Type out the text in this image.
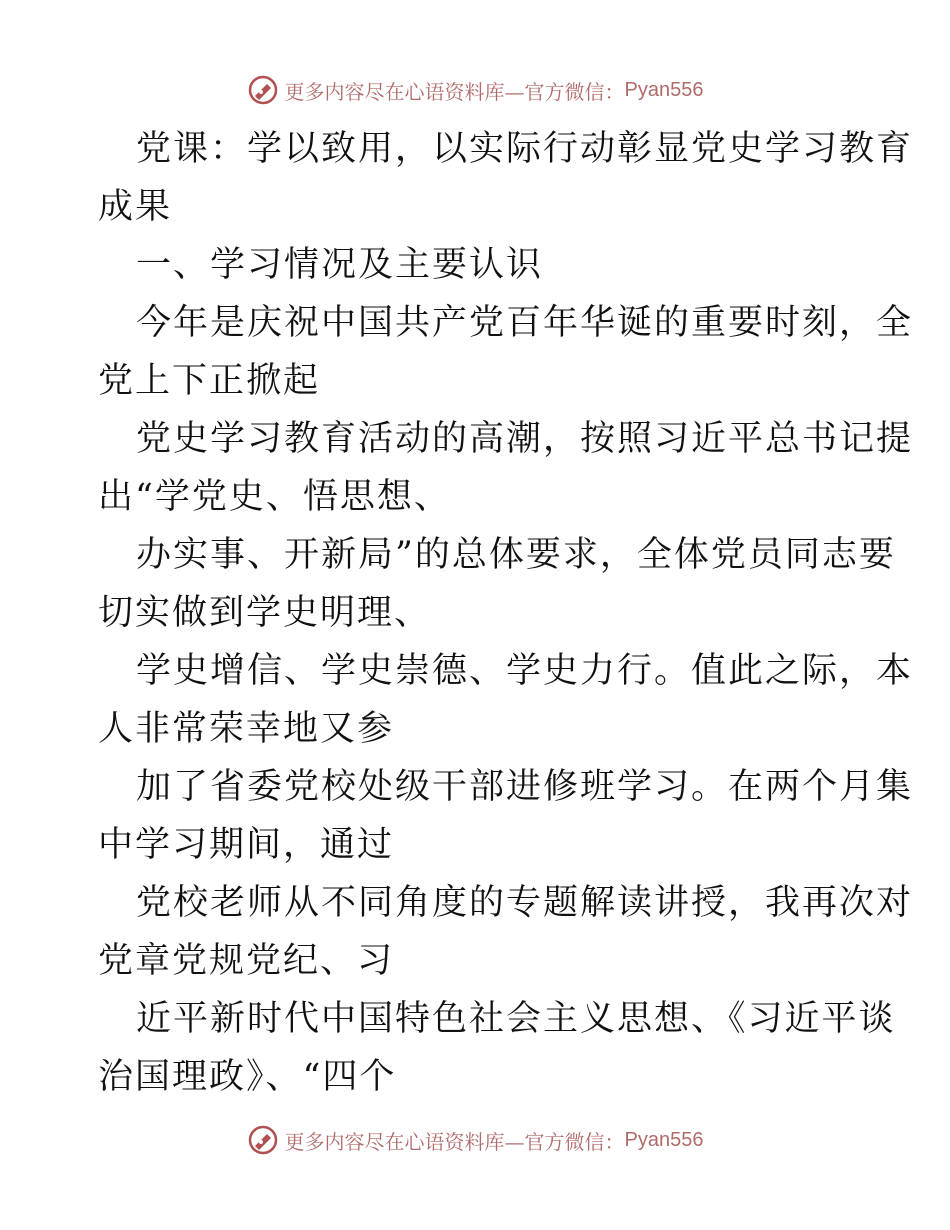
更多内容尽在心语资料库—官方微信： Pyan556
党课：学以致用，以实际行动彰显党史学习教育
成果
一、学习情况及主要认识
今年是庆祝中国共产党百年华诞的重要时刻，全
党上下正掀起
党史学习教育活动的高潮，按照习近平总书记提
出“学党史、悟思想、
办实事、开新局”的总体要求，全体党员同志要
切实做到学史明理、
学史增信、学史崇德、学史力行。值此之际，本
人非常荣幸地又参
加了省委党校处级干部进修班学习。在两个月集
中学习期间，通过
党校老师从不同角度的专题解读讲授，我再次对
党章党规党纪、习
近平新时代中国特色社会主义思想、《习近平谈
治国理政》、“四个
更多内容尽在心语资料库—官方微信： Pyan556
